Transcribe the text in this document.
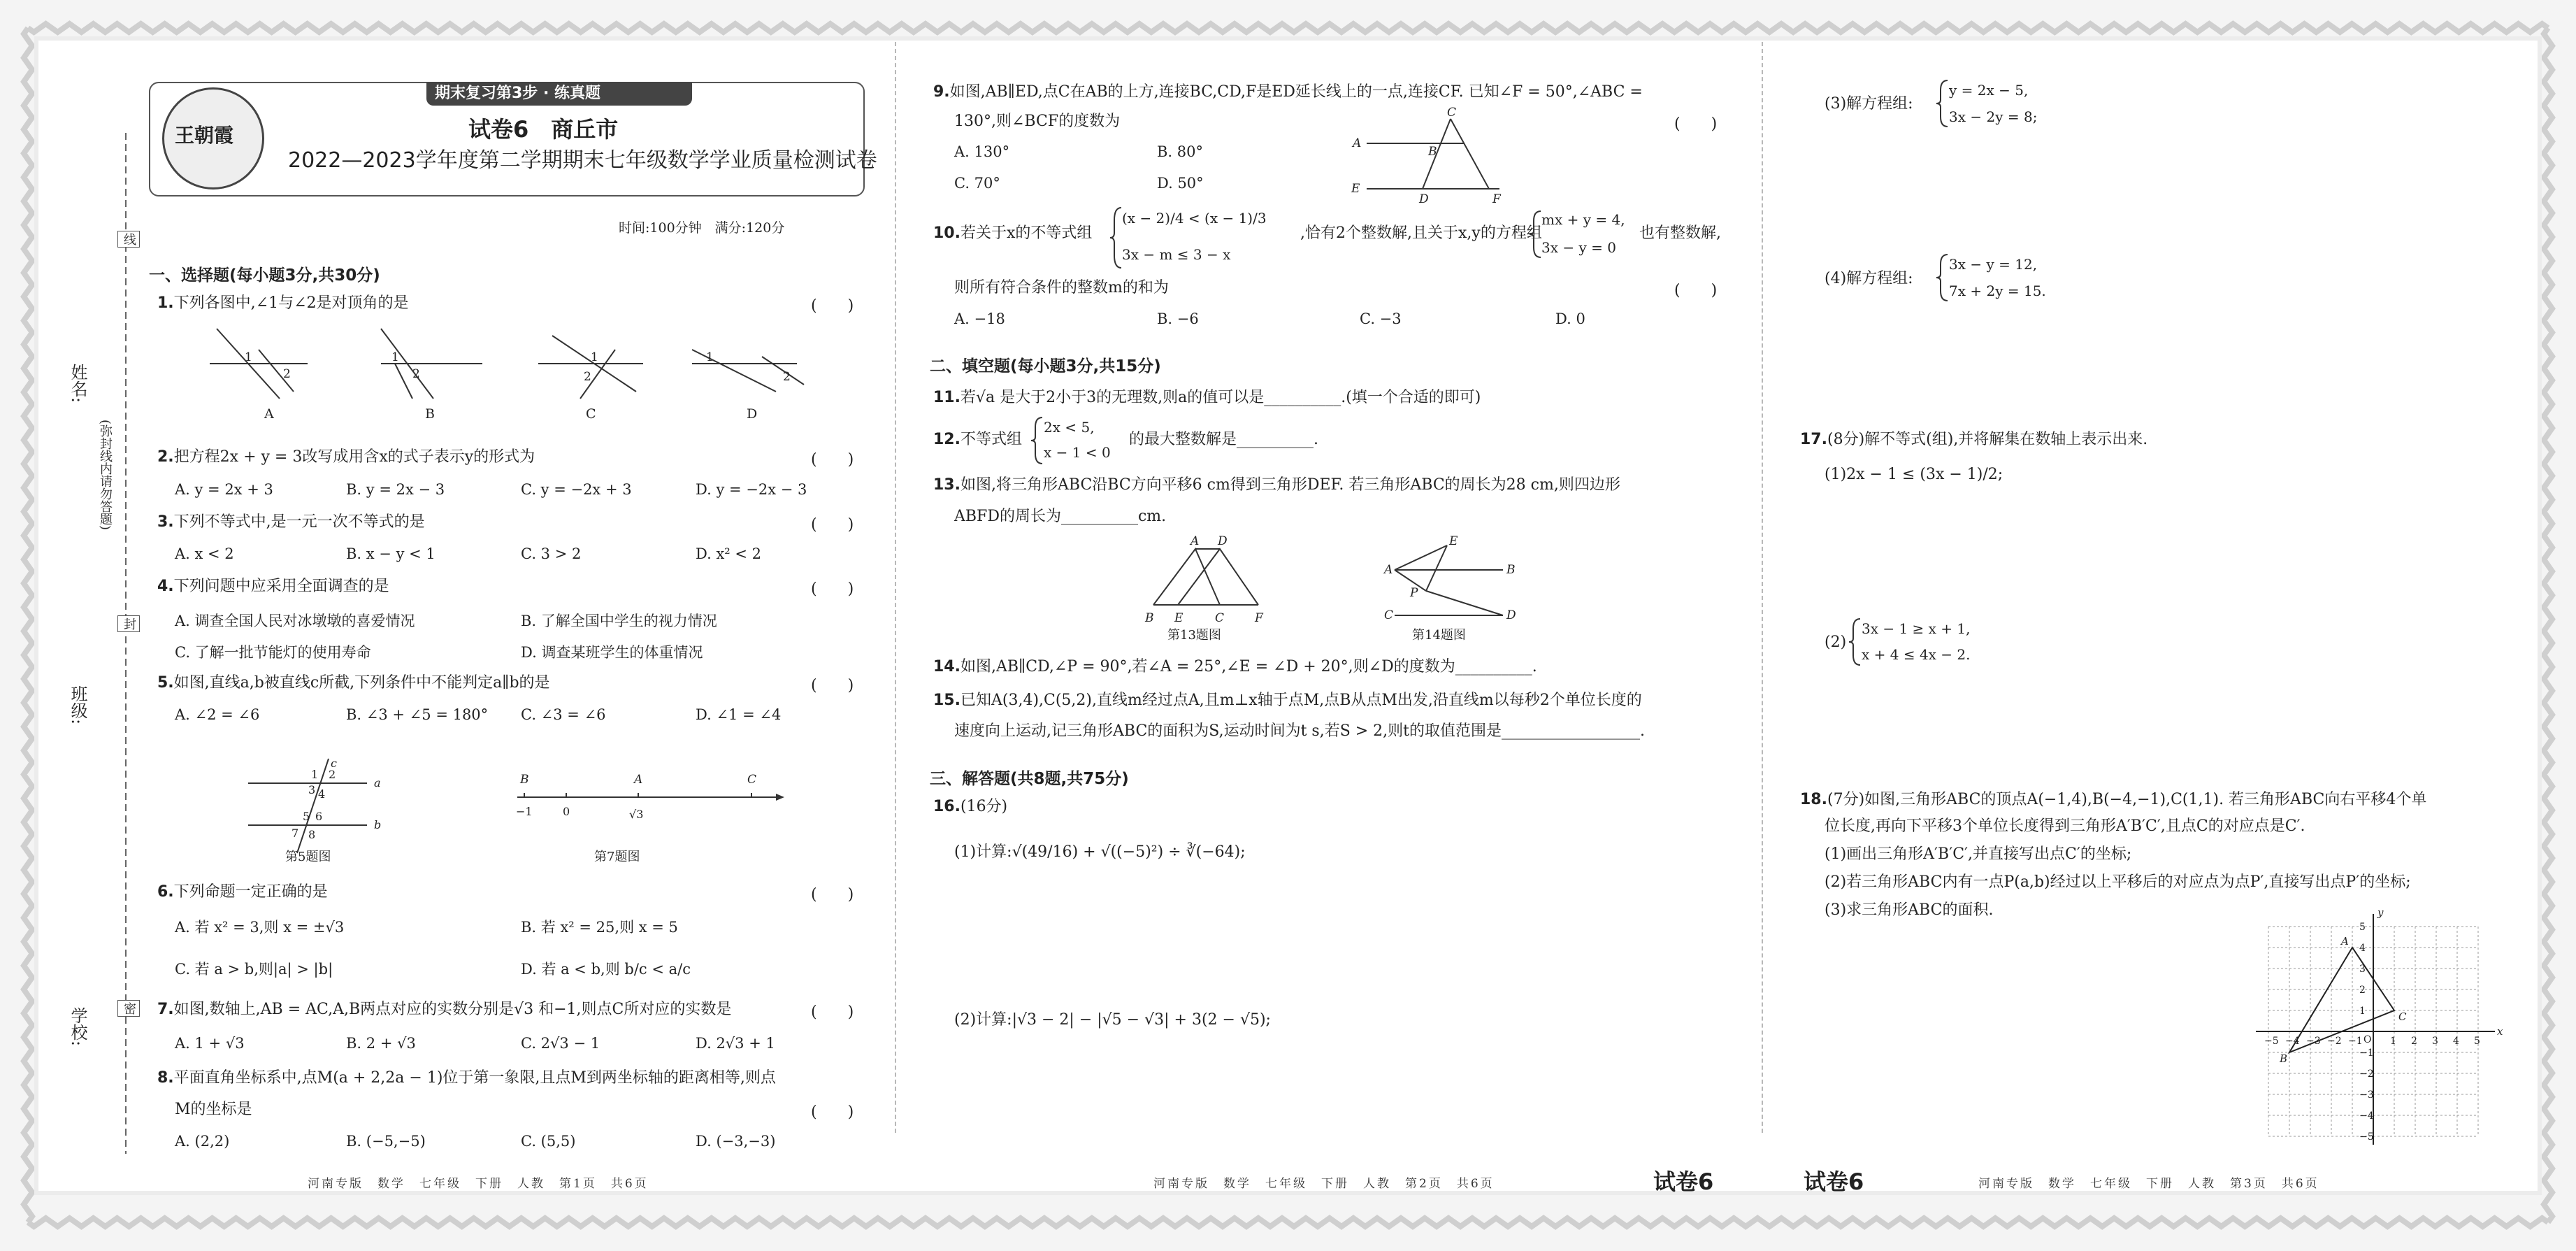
姓名:
班级:
学校:
(弥封线内请勿答题)
线
封
密
期末复习第3步 · 练真题
王朝霞	试卷6　商丘市
2022—2023学年度第二学期期末七年级数学学业质量检测试卷
时间:100分钟　满分:120分
一、选择题(每小题3分,共30分)
1.下列各图中,∠1与∠2是对顶角的是	(　　)
1
2
1
2
1
2
1
2
A	B	C	D
2.把方程2x + y = 3改写成用含x的式子表示y的形式为	(　　)
A. y = 2x + 3	B. y = 2x − 3	C. y = −2x + 3	D. y = −2x − 3
3.下列不等式中,是一元一次不等式的是	(　　)
A. x < 2	B. x − y < 1	C. 3 > 2	D. x² < 2
4.下列问题中应采用全面调查的是	(　　)
A. 调查全国人民对冰墩墩的喜爱情况	B. 了解全国中学生的视力情况
C. 了解一批节能灯的使用寿命	D. 调查某班学生的体重情况
5.如图,直线a,b被直线c所截,下列条件中不能判定a∥b的是	(　　)
A. ∠2 = ∠6	B. ∠3 + ∠5 = 180° C. ∠3 = ∠6	D. ∠1 = ∠4
a
b
c
1 2
3 4
5 6
7 8
第5题图
B	A	C
−1	0	√3
第7题图
6.下列命题一定正确的是	(　　)
A. 若 x² = 3,则 x = ±√3	B. 若 x² = 25,则 x = 5
C. 若 a > b,则|a| > |b|	D. 若 a < b,则 b/c < a/c
7.如图,数轴上,AB = AC,A,B两点对应的实数分别是√3 和−1,则点C所对应的实数是	(　　)
A. 1 + √3	B. 2 + √3	C. 2√3 − 1	D. 2√3 + 1
8.平面直角坐标系中,点M(a + 2,2a − 1)位于第一象限,且点M到两坐标轴的距离相等,则点
M的坐标是	(　　)
A. (2,2)	B. (−5,−5)	C. (5,5)	D. (−3,−3)
河南专版　数学　七年级　下册　人教　第1页　共6页
9.如图,AB∥ED,点C在AB的上方,连接BC,CD,F是ED延长线上的一点,连接CF. 已知∠F = 50°,∠ABC =
130°,则∠BCF的度数为	(　　)
A. 130°	B. 80°
C. 70°	D. 50°
A
B
C
E
D	F
10.若关于x的不等式组
(x − 2)/4 < (x − 1)/3
3x − m ≤ 3 − x
,恰有2个整数解,且关于x,y的方程组
mx + y = 4,
3x − y = 0
也有整数解,
则所有符合条件的整数m的和为	(　　)
A. −18	B. −6	C. −3	D. 0
二、填空题(每小题3分,共15分)
11.若√a 是大于2小于3的无理数,则a的值可以是__________.(填一个合适的即可)
12.不等式组
2x < 5,
x − 1 < 0
的最大整数解是__________.
13.如图,将三角形ABC沿BC方向平移6 cm得到三角形DEF. 若三角形ABC的周长为28 cm,则四边形
ABFD的周长为__________cm.
A D
B E	C	F
第13题图
A	B
E
P
C	D
第14题图
14.如图,AB∥CD,∠P = 90°,若∠A = 25°,∠E = ∠D + 20°,则∠D的度数为__________.
15.已知A(3,4),C(5,2),直线m经过点A,且m⊥x轴于点M,点B从点M出发,沿直线m以每秒2个单位长度的
速度向上运动,记三角形ABC的面积为S,运动时间为t s,若S > 2,则t的取值范围是__________________.
三、解答题(共8题,共75分)
16.(16分)
(1)计算:√(49/16) + √((−5)²) ÷ ∛(−64);
(2)计算:|√3 − 2| − |√5 − √3| + 3(2 − √5);
河南专版　数学　七年级　下册　人教　第2页　共6页	试卷6
(3)解方程组:
y = 2x − 5,
3x − 2y = 8;
(4)解方程组:
3x − y = 12,
7x + 2y = 15.
17.(8分)解不等式(组),并将解集在数轴上表示出来.
(1)2x − 1 ≤ (3x − 1)/2;
(2)
3x − 1 ≥ x + 1,
x + 4 ≤ 4x − 2.
18.(7分)如图,三角形ABC的顶点A(−1,4),B(−4,−1),C(1,1). 若三角形ABC向右平移4个单
位长度,再向下平移3个单位长度得到三角形A′B′C′,且点C的对应点是C′.
(1)画出三角形A′B′C′,并直接写出点C′的坐标;
(2)若三角形ABC内有一点P(a,b)经过以上平移后的对应点为点P′,直接写出点P′的坐标;
(3)求三角形ABC的面积.
−5
−5
−4
−4
−3
−3
−2
−2
−1
−1
1
1
2
2
3
3
4
4
5
5
O
x
y
A
B
C
试卷6	河南专版　数学　七年级　下册　人教　第3页　共6页
